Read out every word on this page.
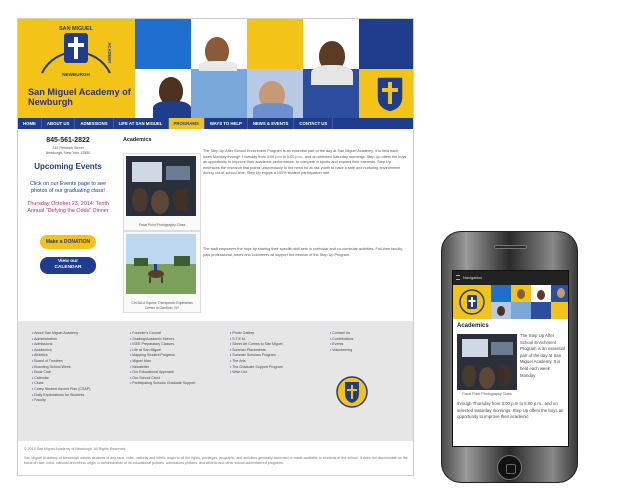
SAN MIGUEL
NEWBURGH
ACADEMY
San Miguel Academy of Newburgh
HOME	ABOUT US	ADMISSIONS	LIFE AT SAN MIGUEL	PROGRAMS	WAYS TO HELP	NEWS & EVENTS	CONTACT US
845-561-2822
245 Renwick Street
Newburgh, New York 12550
Upcoming Events
Click on our Events page to see photos of our graduating class!
Thursday October 23, 2014: Tenth Annual "Defying the Odds" Dinner
Make a DONATION
View our
CALENDAR
Academics
The Step Up After School Enrichment Program is an essential part of the day at San Miguel Academy. It is held each week Monday through Thursday from 3:00 p.m to 5:00 p.m., and on selected Saturday mornings. Step Up offers the boys an opportunity to improve their academic performance, to compete in sports and expand their interests. Step Up embraces the research that points unanimously to the need for at-risk youth to have a safe and nurturing environment during out-of-school time. Step Up enjoys a 100% student participation rate.
The staff empowers the boys by sharing their specific skill sets in curricular and co-curricular activities. Full-time faculty, paid professional, tutors and volunteers all support the mission of the Step Up Program.
Focal Point Photography Class
CHOALA Equine Therapeutic Equestrian Center in Gardiner, NY
• About San Miguel Academy
• Administration
• Admissions
• Academics
• Athletics
• Board of Trustees
• Boarding School Week
• Book Club
• Calendar
• Clubs
• Corey Student Ascent Plan (CSAP)
• Daily Expectations for Students
• Faculty
• Founder's Council
• Grading/Academic Honors
• ISEE Preparatory Classes
• Life at San Miguel
• Mapping Student Progress
• Miguel Man
• Newsletter
• Our Educational Approach
• Our School Crest
• Participating Schools Graduate Support
• Photo Gallery
• S.T.E.M.
• Street Art Comes to San Miguel
• Summer Placements
• Summer Scholars Program
• The Arts
• The Graduate Support Program
• Wish List
• Contact Us
• Contributions
• Events
• Volunteering
© 2013 San Miguel Academy of Newburgh. All Rights Reserved.
San Miguel Academy of Newburgh admits students of any race, color, national and ethnic origin to all the rights, privileges, programs, and activities generally accorded or made available to students at the school. It does not discriminate on the basis of race, color, national and ethnic origin in administration of its educational policies, admissions policies, and athletic and other school-administered programs.
Navigation
Academics
Focal Point Photography Class
The Step Up After School Enrichment Program is an essential part of the day at San Miguel Academy. It is held each week Monday
through Thursday from 3:00 p.m to 5:00 p.m., and on selected Saturday mornings. Step Up offers the boys an opportunity to improve their academic
